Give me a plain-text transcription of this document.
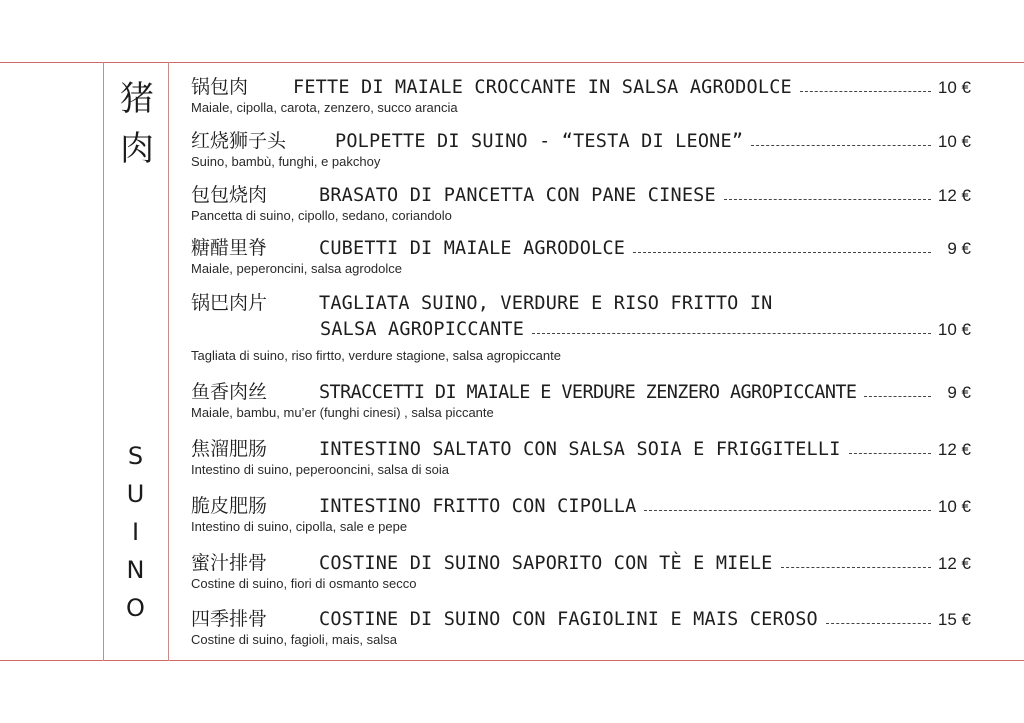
猪
肉
S
U
I
N
O
锅包肉	FETTE DI MAIALE CROCCANTE IN SALSA AGRODOLCE	10 €
Maiale, cipolla, carota, zenzero, succo arancia
红烧狮子头	POLPETTE DI SUINO - “TESTA DI LEONE”	10 €
Suino, bambù, funghi, e pakchoy
包包烧肉	BRASATO DI PANCETTA CON PANE CINESE	12 €
Pancetta di suino, cipollo, sedano, coriandolo
糖醋里脊	CUBETTI DI MAIALE AGRODOLCE	9 €
Maiale, peperoncini, salsa agrodolce
锅巴肉片	TAGLIATA SUINO, VERDURE E RISO FRITTO IN
SALSA AGROPICCANTE	10 €
Tagliata di suino, riso firtto, verdure stagione, salsa agropiccante
鱼香肉丝	STRACCETTI DI MAIALE E VERDURE ZENZERO AGROPICCANTE	9 €
Maiale, bambu, mu’er (funghi cinesi) , salsa piccante
焦溜肥肠	INTESTINO SALTATO CON SALSA SOIA E FRIGGITELLI	12 €
Intestino di suino, peperooncini, salsa di soia
脆皮肥肠	INTESTINO FRITTO CON CIPOLLA	10 €
Intestino di suino, cipolla, sale e pepe
蜜汁排骨	COSTINE DI SUINO SAPORITO CON TÈ E MIELE	12 €
Costine di suino, fiori di osmanto secco
四季排骨	COSTINE DI SUINO CON FAGIOLINI E MAIS CEROSO	15 €
Costine di suino, fagioli, mais, salsa
